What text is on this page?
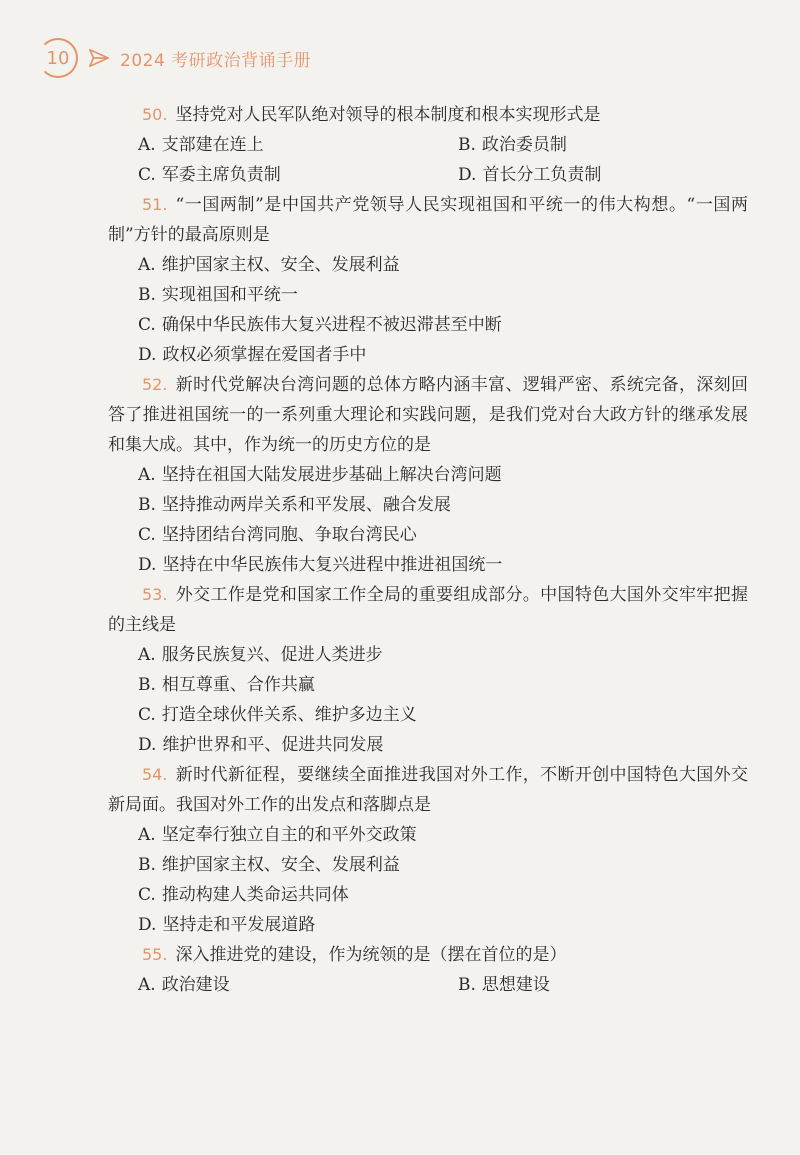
10	2024 考研政治背诵手册

50. 坚持党对人民军队绝对领导的根本制度和根本实现形式是

A. 支部建在连上	B. 政治委员制

C. 军委主席负责制	D. 首长分工负责制

51. “一国两制”是中国共产党领导人民实现祖国和平统一的伟大构想。“一国两制”方针的最高原则是

A. 维护国家主权、安全、发展利益

B. 实现祖国和平统一

C. 确保中华民族伟大复兴进程不被迟滞甚至中断

D. 政权必须掌握在爱国者手中

52. 新时代党解决台湾问题的总体方略内涵丰富、逻辑严密、系统完备，深刻回答了推进祖国统一的一系列重大理论和实践问题，是我们党对台大政方针的继承发展和集大成。其中，作为统一的历史方位的是

A. 坚持在祖国大陆发展进步基础上解决台湾问题

B. 坚持推动两岸关系和平发展、融合发展

C. 坚持团结台湾同胞、争取台湾民心

D. 坚持在中华民族伟大复兴进程中推进祖国统一

53. 外交工作是党和国家工作全局的重要组成部分。中国特色大国外交牢牢把握的主线是

A. 服务民族复兴、促进人类进步

B. 相互尊重、合作共赢

C. 打造全球伙伴关系、维护多边主义

D. 维护世界和平、促进共同发展

54. 新时代新征程，要继续全面推进我国对外工作，不断开创中国特色大国外交新局面。我国对外工作的出发点和落脚点是

A. 坚定奉行独立自主的和平外交政策

B. 维护国家主权、安全、发展利益

C. 推动构建人类命运共同体

D. 坚持走和平发展道路

55. 深入推进党的建设，作为统领的是（摆在首位的是）

A. 政治建设	B. 思想建设
